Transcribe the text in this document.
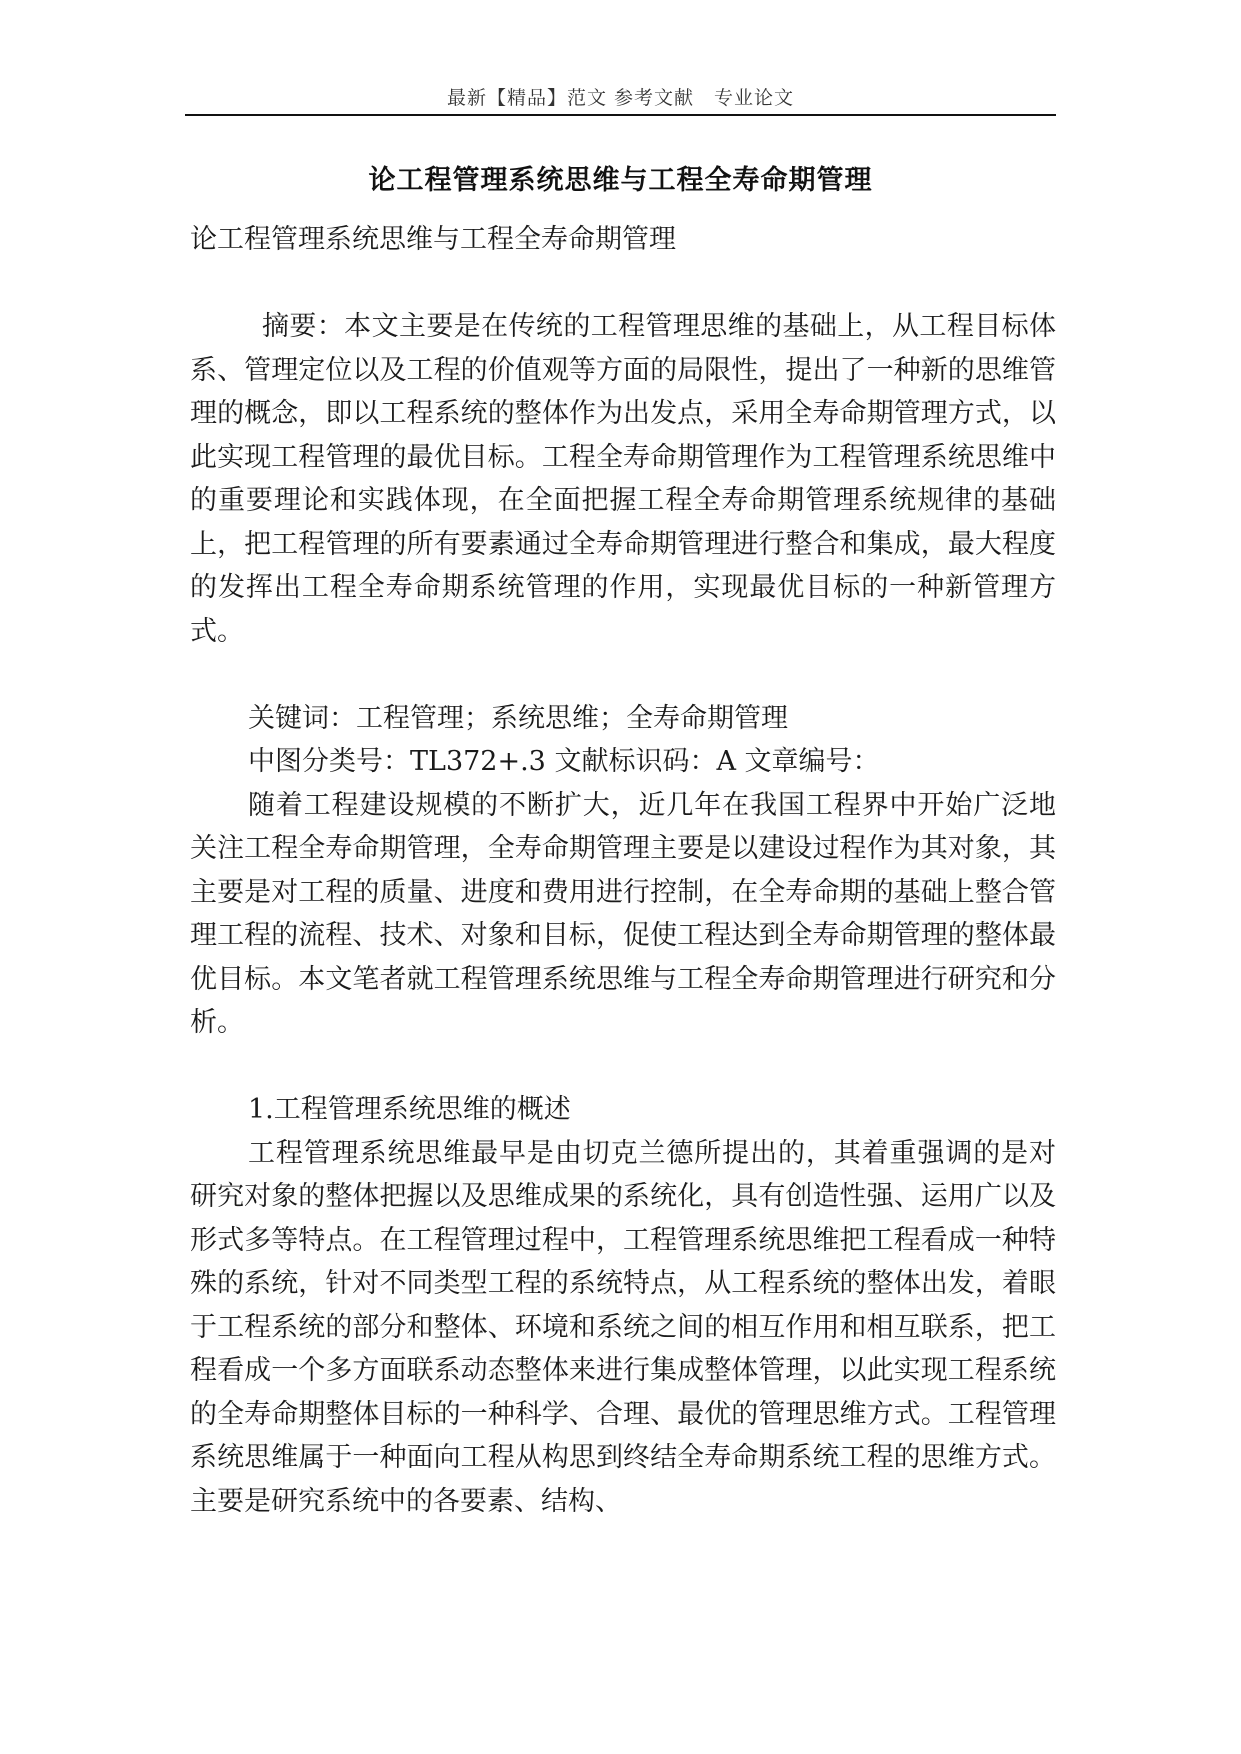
最新【精品】范文 参考文献　专业论文
论工程管理系统思维与工程全寿命期管理

论工程管理系统思维与工程全寿命期管理

摘要：本文主要是在传统的工程管理思维的基础上，从工程目标体系、管理定位以及工程的价值观等方面的局限性，提出了一种新的思维管理的概念，即以工程系统的整体作为出发点，采用全寿命期管理方式，以此实现工程管理的最优目标。工程全寿命期管理作为工程管理系统思维中的重要理论和实践体现，在全面把握工程全寿命期管理系统规律的基础上，把工程管理的所有要素通过全寿命期管理进行整合和集成，最大程度的发挥出工程全寿命期系统管理的作用，实现最优目标的一种新管理方式。

关键词：工程管理；系统思维；全寿命期管理

中图分类号：TL372+.3 文献标识码：A 文章编号：

随着工程建设规模的不断扩大，近几年在我国工程界中开始广泛地关注工程全寿命期管理，全寿命期管理主要是以建设过程作为其对象，其主要是对工程的质量、进度和费用进行控制，在全寿命期的基础上整合管理工程的流程、技术、对象和目标，促使工程达到全寿命期管理的整体最优目标。本文笔者就工程管理系统思维与工程全寿命期管理进行研究和分析。

1.工程管理系统思维的概述

工程管理系统思维最早是由切克兰德所提出的，其着重强调的是对研究对象的整体把握以及思维成果的系统化，具有创造性强、运用广以及形式多等特点。在工程管理过程中，工程管理系统思维把工程看成一种特殊的系统，针对不同类型工程的系统特点，从工程系统的整体出发，着眼于工程系统的部分和整体、环境和系统之间的相互作用和相互联系，把工程看成一个多方面联系动态整体来进行集成整体管理，以此实现工程系统的全寿命期整体目标的一种科学、合理、最优的管理思维方式。工程管理系统思维属于一种面向工程从构思到终结全寿命期系统工程的思维方式。主要是研究系统中的各要素、结构、
